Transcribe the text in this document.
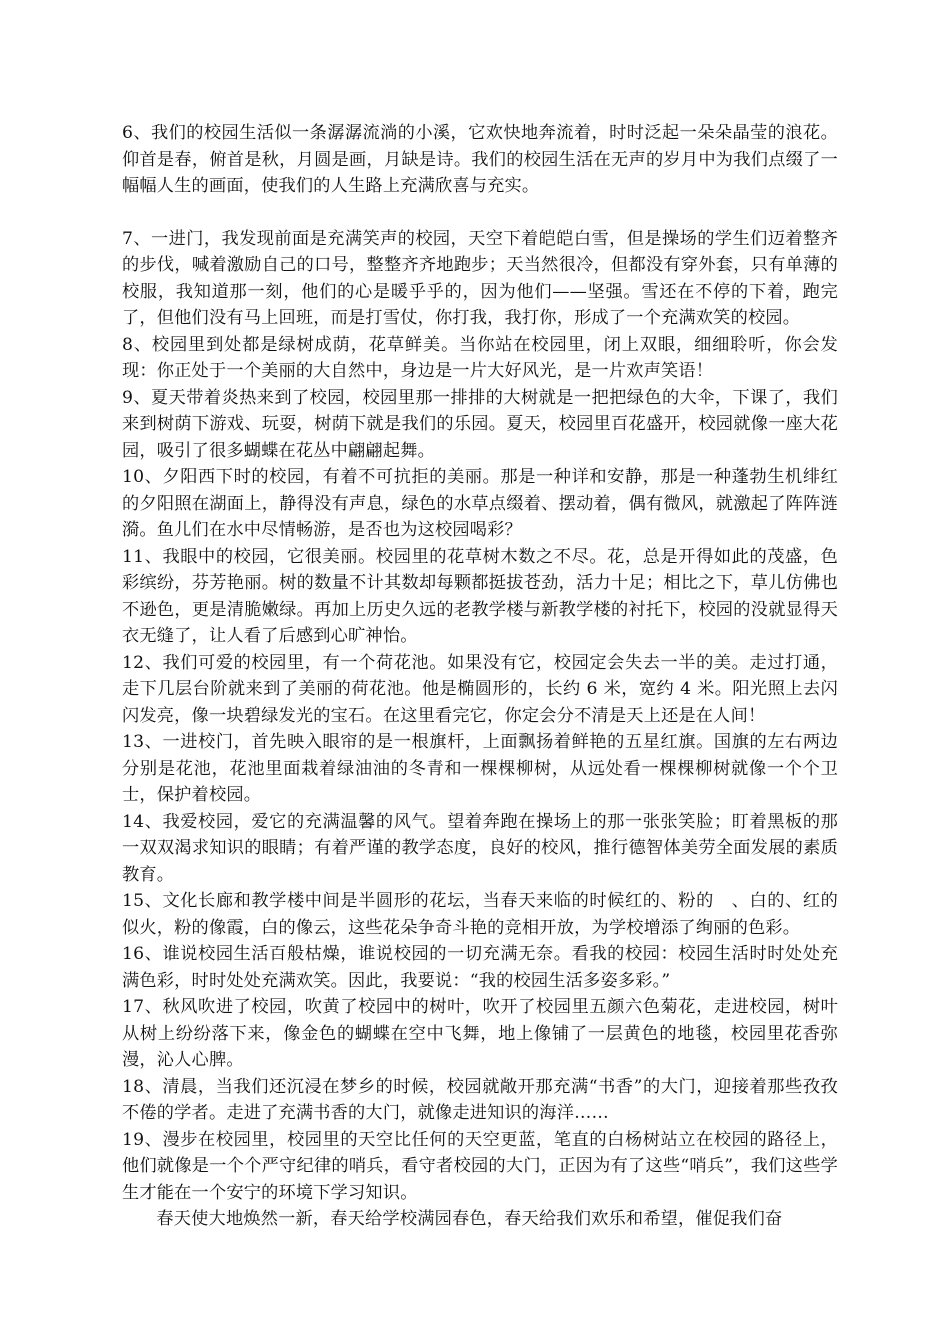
6、我们的校园生活似一条潺潺流淌的小溪，它欢快地奔流着，时时泛起一朵朵晶莹的浪花。仰首是春，俯首是秋，月圆是画，月缺是诗。我们的校园生活在无声的岁月中为我们点缀了一幅幅人生的画面，使我们的人生路上充满欣喜与充实。

7、一进门，我发现前面是充满笑声的校园，天空下着皑皑白雪，但是操场的学生们迈着整齐的步伐，喊着激励自己的口号，整整齐齐地跑步；天当然很冷，但都没有穿外套，只有单薄的校服，我知道那一刻，他们的心是暖乎乎的，因为他们——坚强。雪还在不停的下着，跑完了，但他们没有马上回班，而是打雪仗，你打我，我打你，形成了一个充满欢笑的校园。

8、校园里到处都是绿树成荫，花草鲜美。当你站在校园里，闭上双眼，细细聆听，你会发现：你正处于一个美丽的大自然中，身边是一片大好风光，是一片欢声笑语！

9、夏天带着炎热来到了校园，校园里那一排排的大树就是一把把绿色的大伞，下课了，我们来到树荫下游戏、玩耍，树荫下就是我们的乐园。夏天，校园里百花盛开，校园就像一座大花园，吸引了很多蝴蝶在花丛中翩翩起舞。

10、夕阳西下时的校园，有着不可抗拒的美丽。那是一种详和安静，那是一种蓬勃生机绯红的夕阳照在湖面上，静得没有声息，绿色的水草点缀着、摆动着，偶有微风，就激起了阵阵涟漪。鱼儿们在水中尽情畅游，是否也为这校园喝彩？

11、我眼中的校园，它很美丽。校园里的花草树木数之不尽。花，总是开得如此的茂盛，色彩缤纷，芬芳艳丽。树的数量不计其数却每颗都挺拔苍劲，活力十足；相比之下，草儿仿佛也不逊色，更是清脆嫩绿。再加上历史久远的老教学楼与新教学楼的衬托下，校园的没就显得天衣无缝了，让人看了后感到心旷神怡。

12、我们可爱的校园里，有一个荷花池。如果没有它，校园定会失去一半的美。走过打通，走下几层台阶就来到了美丽的荷花池。他是椭圆形的，长约 6 米，宽约 4 米。阳光照上去闪闪发亮，像一块碧绿发光的宝石。在这里看完它，你定会分不清是天上还是在人间！

13、一进校门，首先映入眼帘的是一根旗杆，上面飘扬着鲜艳的五星红旗。国旗的左右两边分别是花池，花池里面栽着绿油油的冬青和一棵棵柳树，从远处看一棵棵柳树就像一个个卫士，保护着校园。

14、我爱校园，爱它的充满温馨的风气。望着奔跑在操场上的那一张张笑脸；盯着黑板的那一双双渴求知识的眼睛；有着严谨的教学态度，良好的校风，推行德智体美劳全面发展的素质教育。

15、文化长廊和教学楼中间是半圆形的花坛，当春天来临的时候红的、粉的　、白的、红的似火，粉的像霞，白的像云，这些花朵争奇斗艳的竞相开放，为学校增添了绚丽的色彩。

16、谁说校园生活百般枯燥，谁说校园的一切充满无奈。看我的校园：校园生活时时处处充满色彩，时时处处充满欢笑。因此，我要说：“我的校园生活多姿多彩。”

17、秋风吹进了校园，吹黄了校园中的树叶，吹开了校园里五颜六色菊花，走进校园，树叶从树上纷纷落下来，像金色的蝴蝶在空中飞舞，地上像铺了一层黄色的地毯，校园里花香弥漫，沁人心脾。

18、清晨，当我们还沉浸在梦乡的时候，校园就敞开那充满“书香”的大门，迎接着那些孜孜不倦的学者。走进了充满书香的大门，就像走进知识的海洋……

19、漫步在校园里，校园里的天空比任何的天空更蓝，笔直的白杨树站立在校园的路径上，他们就像是一个个严守纪律的哨兵，看守者校园的大门，正因为有了这些“哨兵”，我们这些学生才能在一个安宁的环境下学习知识。

春天使大地焕然一新，春天给学校满园春色，春天给我们欢乐和希望，催促我们奋
